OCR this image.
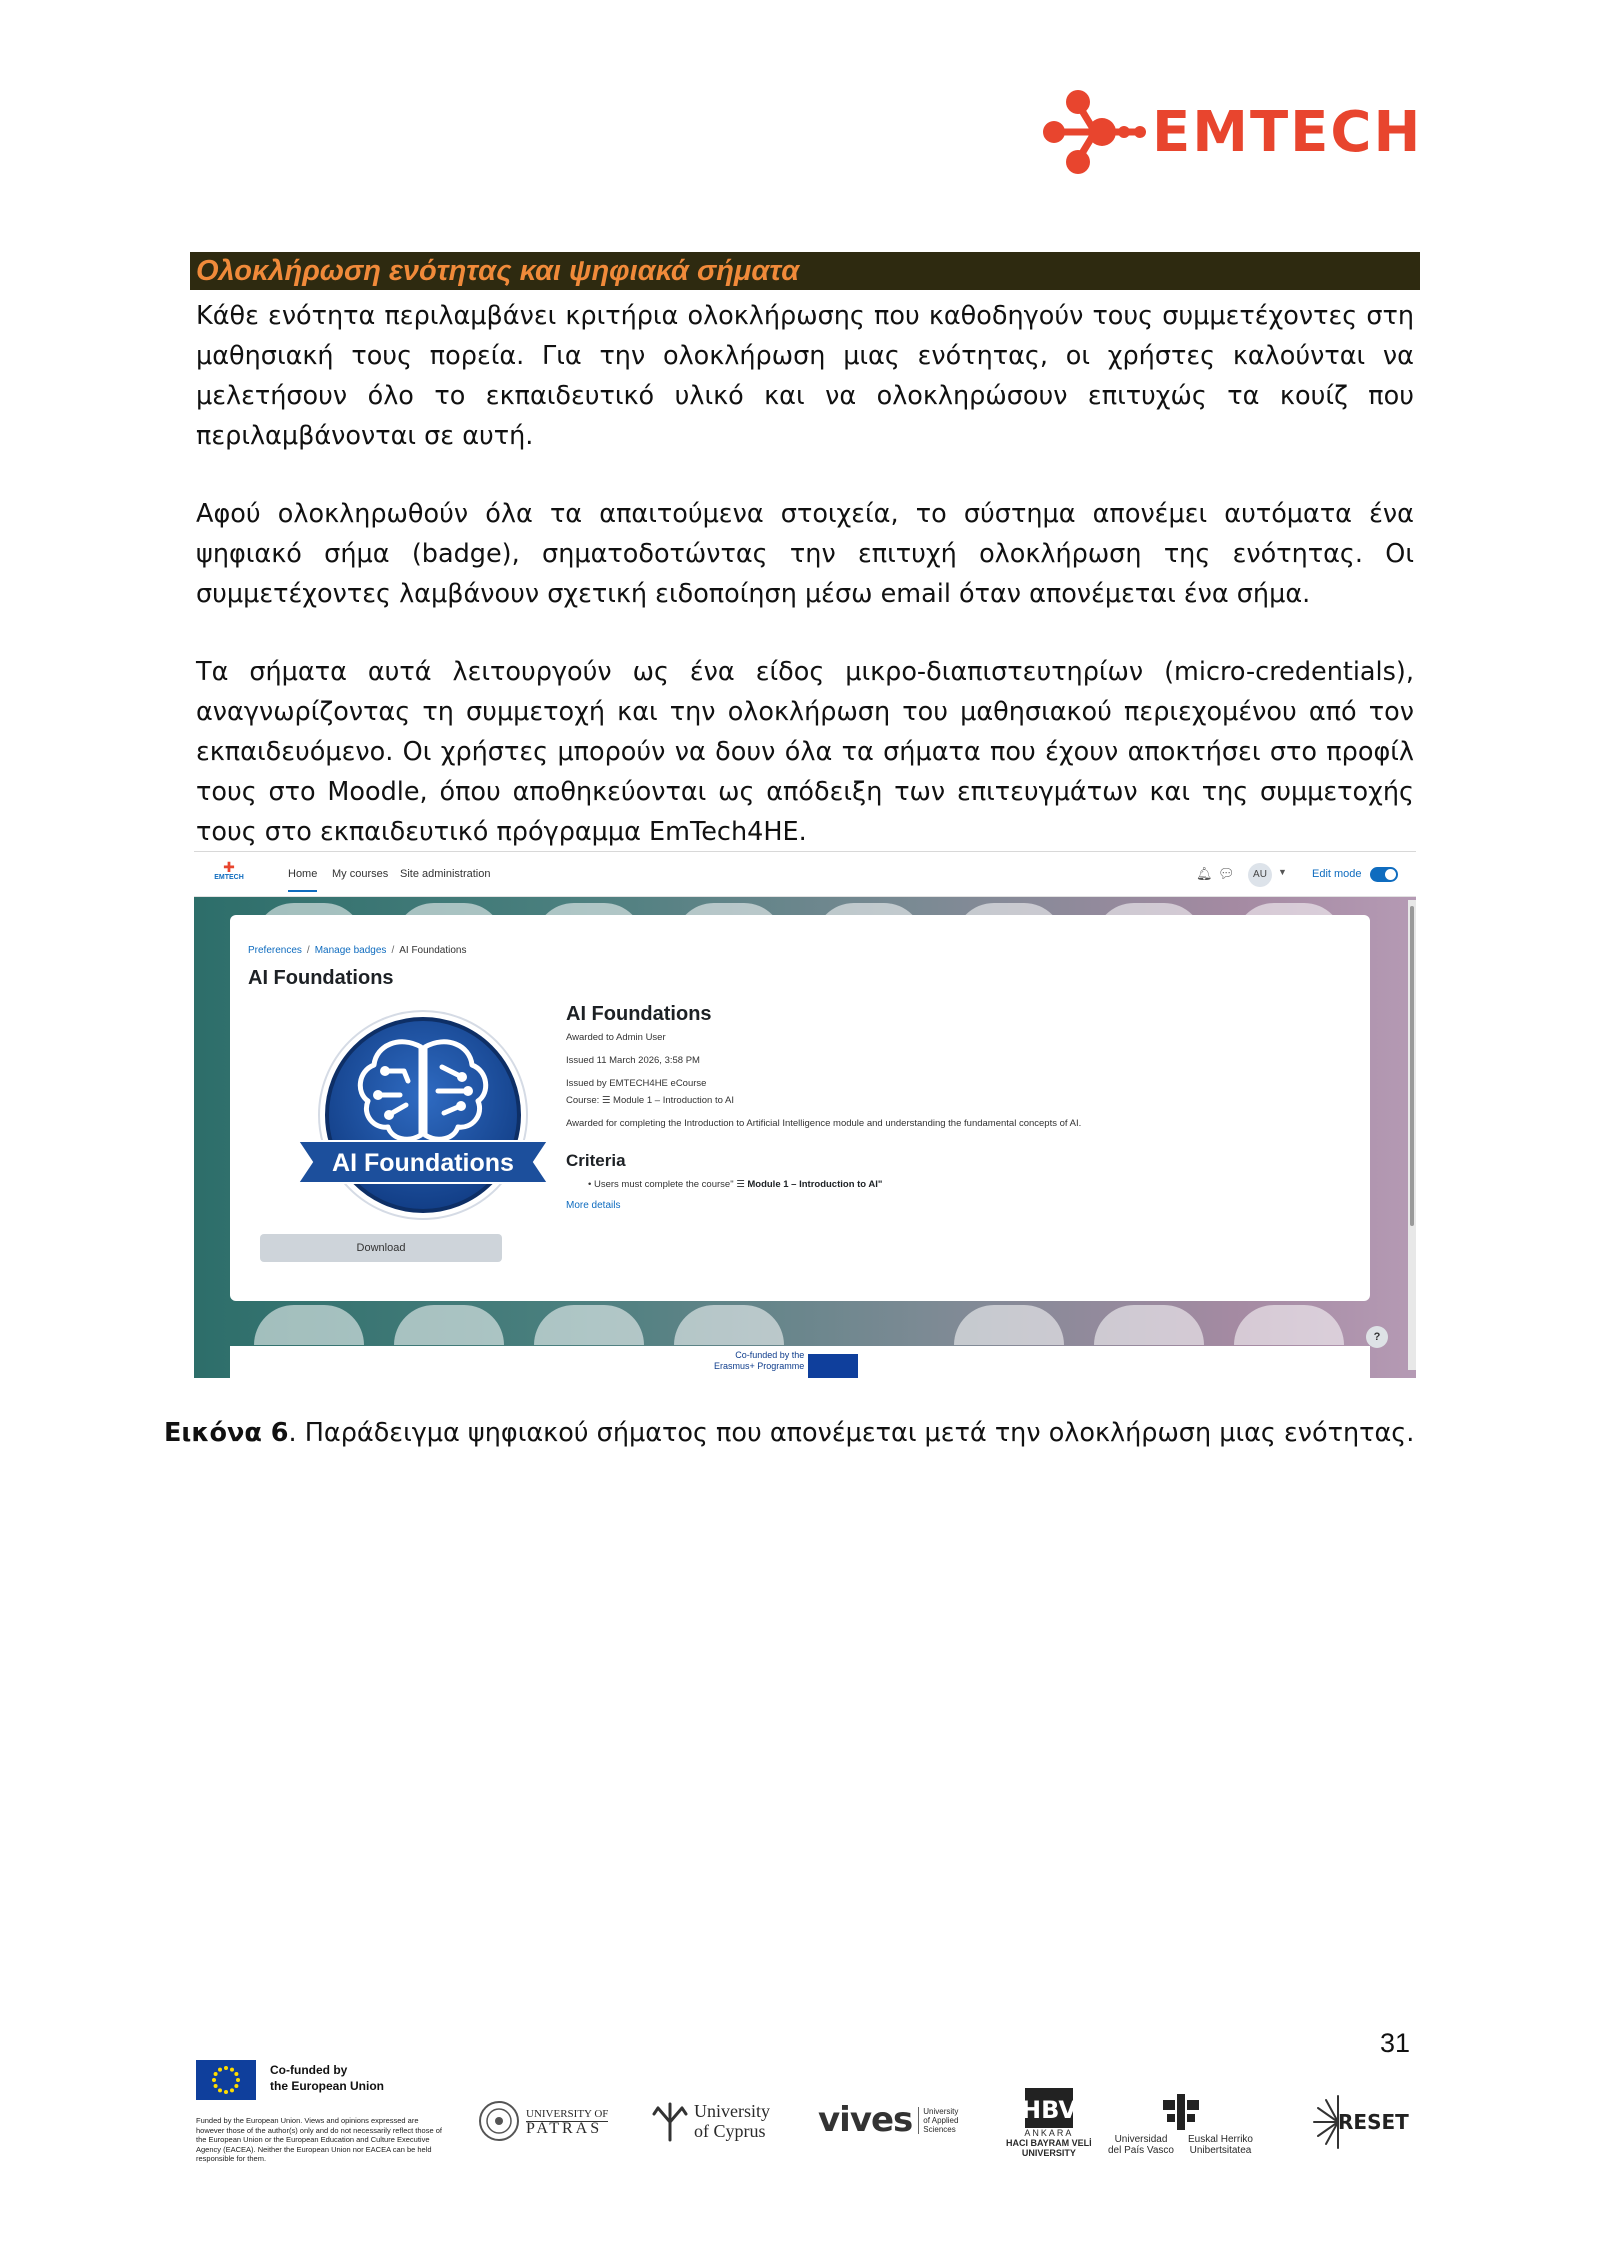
EMTECH
Ολοκλήρωση ενότητας και ψηφιακά σήματα

Κάθε ενότητα περιλαμβάνει κριτήρια ολοκλήρωσης που καθοδηγούν τους συμμετέχοντες στη μαθησιακή τους πορεία. Για την ολοκλήρωση μιας ενότητας, οι χρήστες καλούνται να μελετήσουν όλο το εκπαιδευτικό υλικό και να ολοκληρώσουν επιτυχώς τα κουίζ που περιλαμβάνονται σε αυτή.

Αφού ολοκληρωθούν όλα τα απαιτούμενα στοιχεία, το σύστημα απονέμει αυτόματα ένα ψηφιακό σήμα (badge), σηματοδοτώντας την επιτυχή ολοκλήρωση της ενότητας. Οι συμμετέχοντες λαμβάνουν σχετική ειδοποίηση μέσω email όταν απονέμεται ένα σήμα.

Τα σήματα αυτά λειτουργούν ως ένα είδος μικρο-διαπιστευτηρίων (micro-credentials), αναγνωρίζοντας τη συμμετοχή και την ολοκλήρωση του μαθησιακού περιεχομένου από τον εκπαιδευόμενο. Οι χρήστες μπορούν να δουν όλα τα σήματα που έχουν αποκτήσει στο προφίλ τους στο Moodle, όπου αποθηκεύονται ως απόδειξη των επιτευγμάτων και της συμμετοχής τους στο εκπαιδευτικό πρόγραμμα EmTech4HE.

✚
EMTECH	Home My courses Site administration	🔔︎ 💬︎	AU	▼ Edit mode
Preferences / Manage badges / AI Foundations
AI Foundations
AI Foundations
Download
AI Foundations
Awarded to Admin User
Issued 11 March 2026, 3:58 PM
Issued by EMTECH4HE eCourse
Course: ☰ Module 1 – Introduction to AI
Awarded for completing the Introduction to Artificial Intelligence module and understanding the fundamental concepts of AI.
Criteria
• Users must complete the course" ☰ Module 1 – Introduction to AI"
More details
Co-funded by the
Erasmus+ Programme
?
Εικόνα 6. Παράδειγμα ψηφιακού σήματος που απονέμεται μετά την ολοκλήρωση μιας ενότητας.
31
Co-funded by
the European Union
Funded by the European Union. Views and opinions expressed are however those of the author(s) only and do not necessarily reflect those of the European Union or the European Education and Culture Executive Agency (EACEA). Neither the European Union nor EACEA can be held responsible for them.
UNIVERSITY OF
PATRAS
University
of Cyprus vives University
of Applied
Sciences
HBV
ANKARA
HACI BAYRAM VELİ
UNIVERSITY
Universidad
del País Vasco
Euskal Herriko
Unibertsitatea
RESET
